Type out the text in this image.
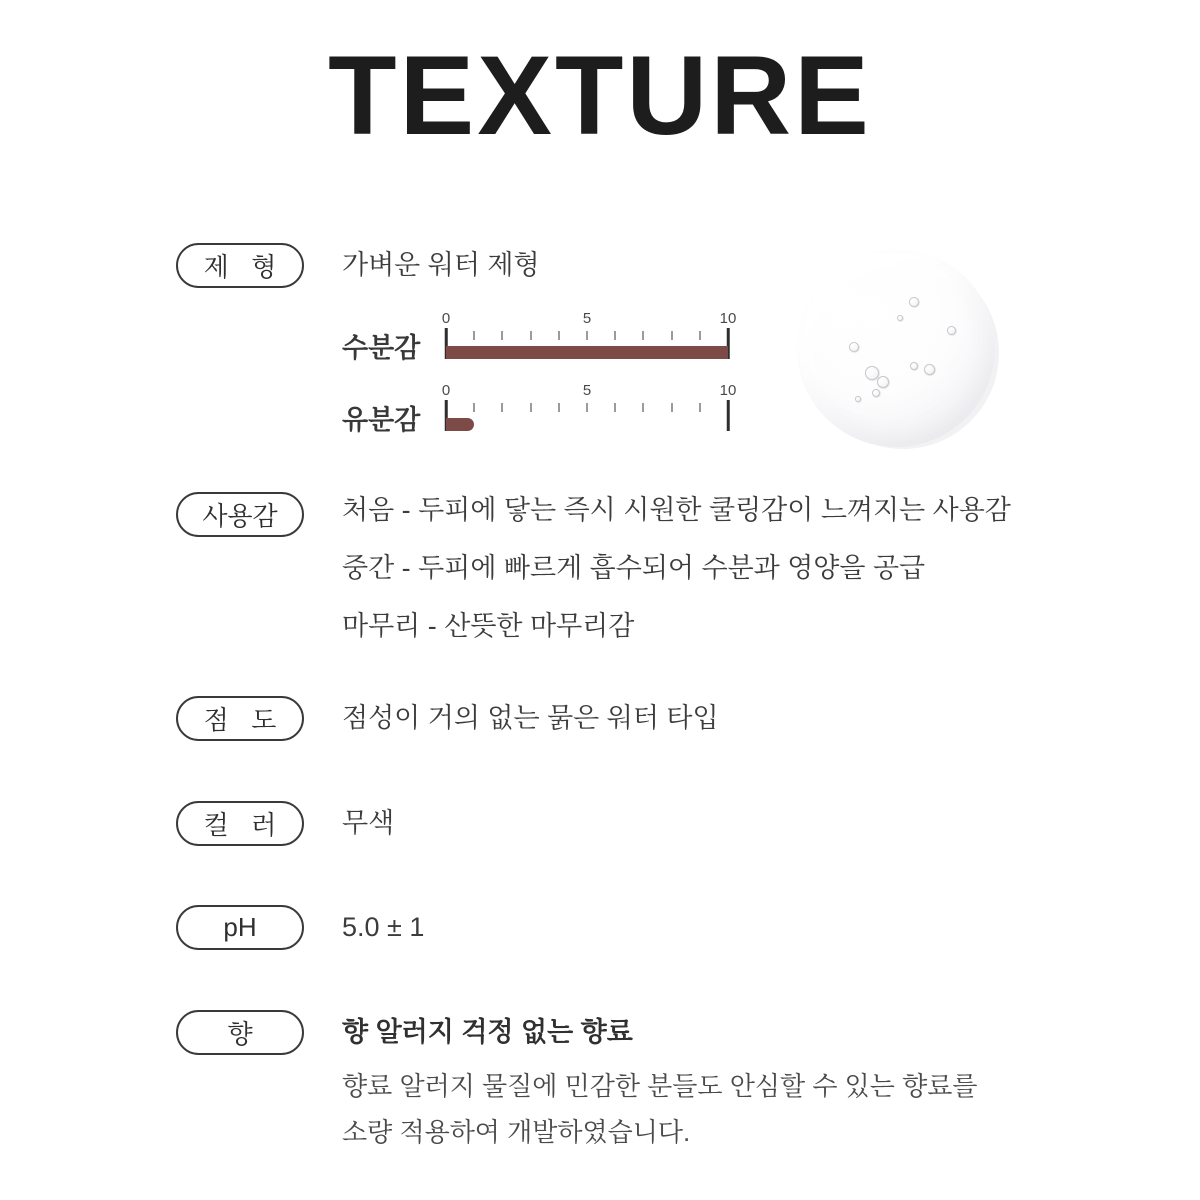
TEXTURE
제  형 가벼운 워터 제형
수분감
0	5	10
유분감
0	5	10
사용감 처음 - 두피에 닿는 즉시 시원한 쿨링감이 느껴지는 사용감

중간 - 두피에 빠르게 흡수되어 수분과 영양을 공급

마무리 - 산뜻한 마무리감

점  도 점성이 거의 없는 묽은 워터 타입
컬  러 무색
pH	5.0 ± 1
향	향 알러지 걱정 없는 향료

향료 알러지 물질에 민감한 분들도 안심할 수 있는 향료를

소량 적용하여 개발하였습니다.
